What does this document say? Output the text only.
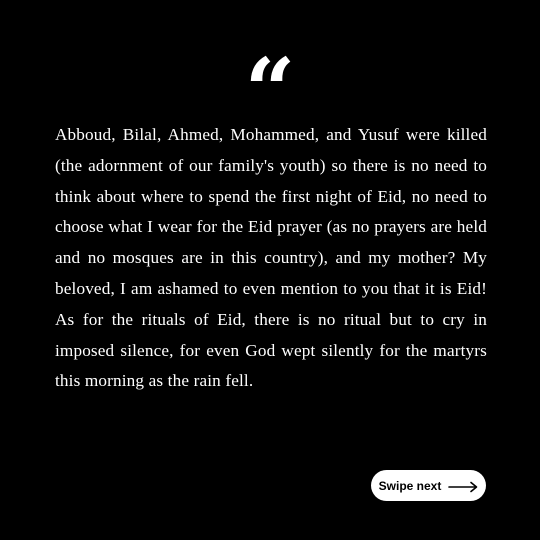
“

Abboud, Bilal, Ahmed, Mohammed, and Yusuf were killed (the adornment of our family's youth) so there is no need to think about where to spend the first night of Eid, no need to choose what I wear for the Eid prayer (as no prayers are held and no mosques are in this country), and my mother? My beloved, I am ashamed to even mention to you that it is Eid! As for the rituals of Eid, there is no ritual but to cry in imposed silence, for even God wept silently for the martyrs this morning as the rain fell.

Swipe next
